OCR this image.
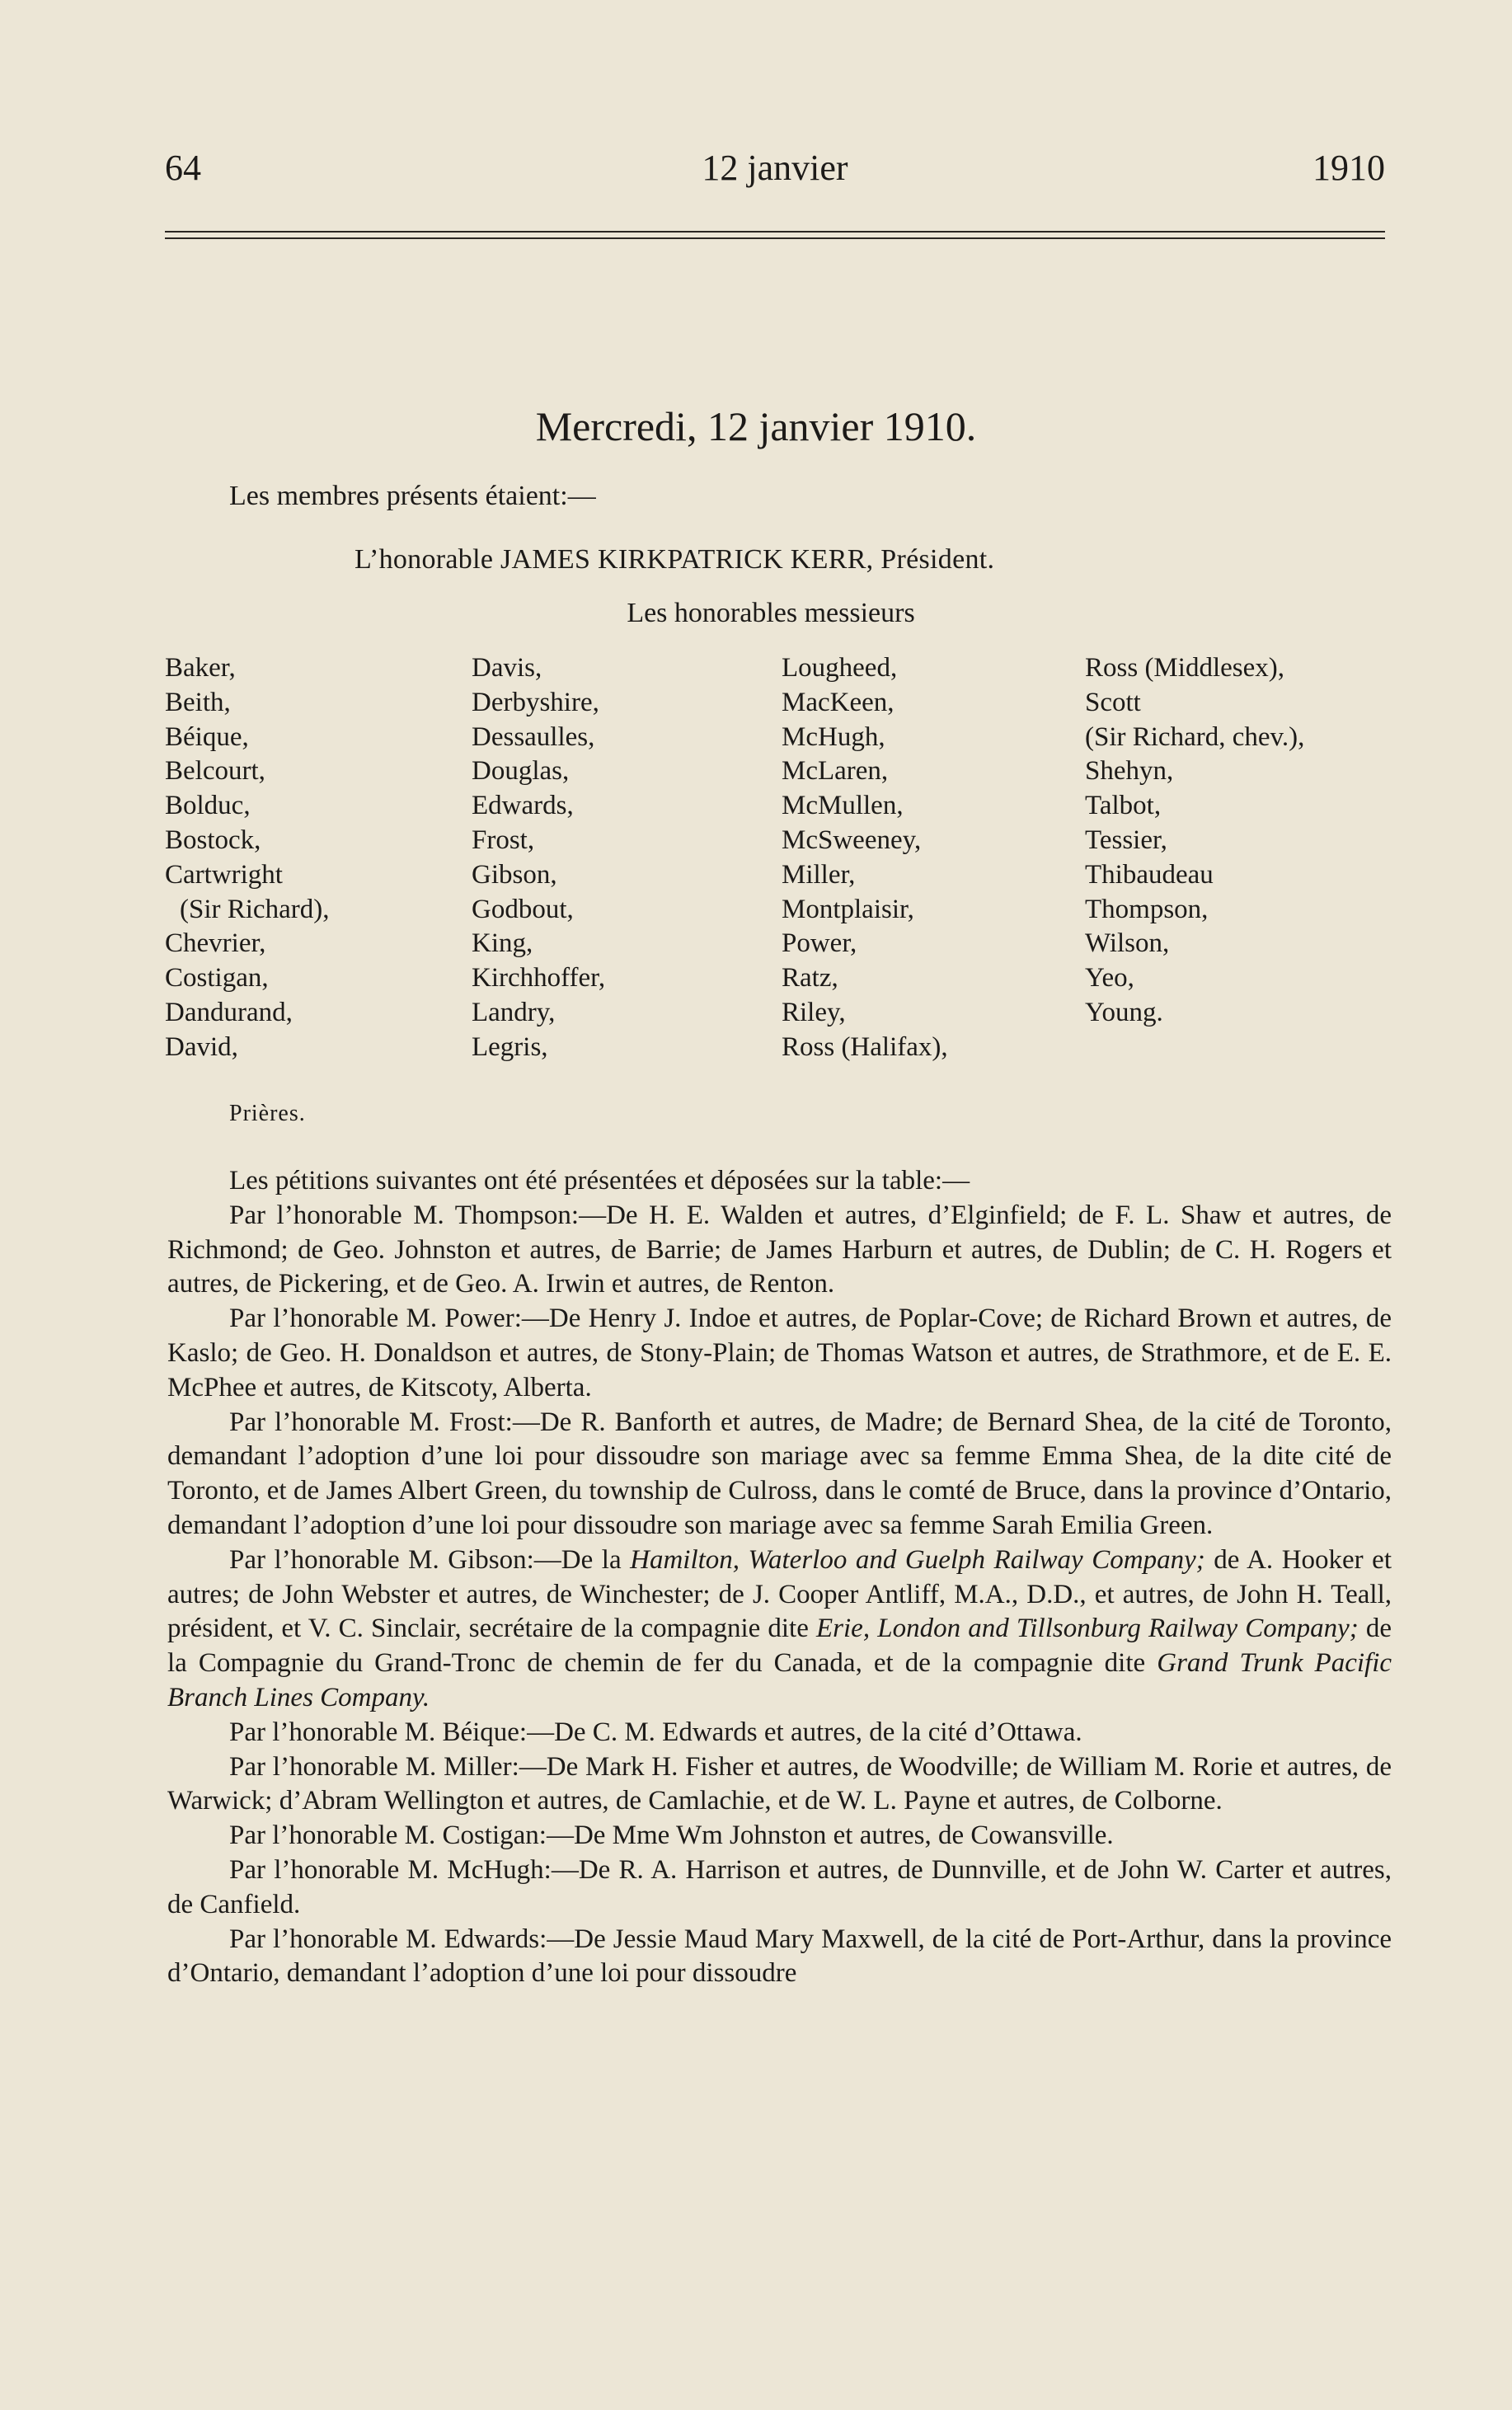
64	12 janvier	1910
Mercredi, 12 janvier 1910.
Les membres présents étaient:—
L’honorable JAMES KIRKPATRICK KERR, Président.
Les honorables messieurs
Baker,
Beith,
Béique,
Belcourt,
Bolduc,
Bostock,
Cartwright
(Sir Richard),
Chevrier,
Costigan,
Dandurand,
David,
Davis,
Derbyshire,
Dessaulles,
Douglas,
Edwards,
Frost,
Gibson,
Godbout,
King,
Kirchhoffer,
Landry,
Legris,
Lougheed,
MacKeen,
McHugh,
McLaren,
McMullen,
McSweeney,
Miller,
Montplaisir,
Power,
Ratz,
Riley,
Ross (Halifax),
Ross (Middlesex),
Scott
(Sir Richard, chev.),
Shehyn,
Talbot,
Tessier,
Thibaudeau
Thompson,
Wilson,
Yeo,
Young.
Prières.

Les pétitions suivantes ont été présentées et déposées sur la table:—

Par l’honorable M. Thompson:—De H. E. Walden et autres, d’Elginfield; de F. L. Shaw et autres, de Richmond; de Geo. Johnston et autres, de Barrie; de James Harburn et autres, de Dublin; de C. H. Rogers et autres, de Pickering, et de Geo. A. Irwin et autres, de Renton.

Par l’honorable M. Power:—De Henry J. Indoe et autres, de Poplar-Cove; de Richard Brown et autres, de Kaslo; de Geo. H. Donaldson et autres, de Stony-Plain; de Thomas Watson et autres, de Strathmore, et de E. E. McPhee et autres, de Kitscoty, Alberta.

Par l’honorable M. Frost:—De R. Banforth et autres, de Madre; de Bernard Shea, de la cité de Toronto, demandant l’adoption d’une loi pour dissoudre son mariage avec sa femme Emma Shea, de la dite cité de Toronto, et de James Albert Green, du township de Culross, dans le comté de Bruce, dans la province d’Ontario, demandant l’adoption d’une loi pour dissoudre son mariage avec sa femme Sarah Emilia Green.

Par l’honorable M. Gibson:—De la Hamilton, Waterloo and Guelph Railway Company; de A. Hooker et autres; de John Webster et autres, de Winchester; de J. Cooper Antliff, M.A., D.D., et autres, de John H. Teall, président, et V. C. Sinclair, secrétaire de la compagnie dite Erie, London and Tillsonburg Railway Company; de la Compagnie du Grand-Tronc de chemin de fer du Canada, et de la compagnie dite Grand Trunk Pacific Branch Lines Company.

Par l’honorable M. Béique:—De C. M. Edwards et autres, de la cité d’Ottawa.

Par l’honorable M. Miller:—De Mark H. Fisher et autres, de Woodville; de William M. Rorie et autres, de Warwick; d’Abram Wellington et autres, de Camlachie, et de W. L. Payne et autres, de Colborne.

Par l’honorable M. Costigan:—De Mme Wm Johnston et autres, de Cowansville.

Par l’honorable M. McHugh:—De R. A. Harrison et autres, de Dunnville, et de John W. Carter et autres, de Canfield.

Par l’honorable M. Edwards:—De Jessie Maud Mary Maxwell, de la cité de Port-Arthur, dans la province d’Ontario, demandant l’adoption d’une loi pour dissoudre
